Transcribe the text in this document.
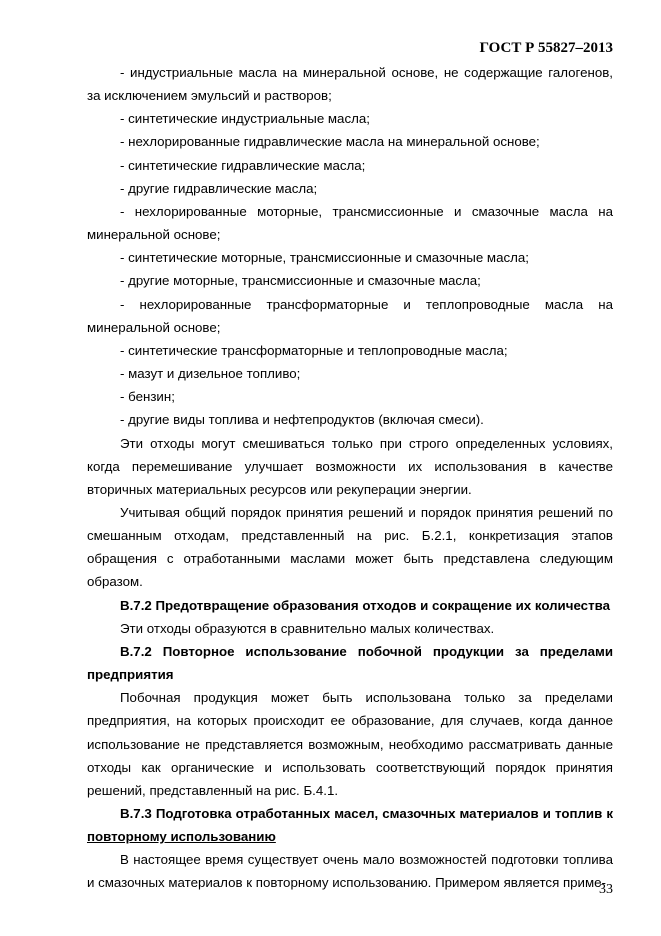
ГОСТ Р 55827–2013

- индустриальные масла на минеральной основе, не содержащие галогенов, за исключением эмульсий и растворов;

- синтетические индустриальные масла;

- нехлорированные гидравлические масла на минеральной основе;

- синтетические гидравлические масла;

- другие гидравлические масла;

- нехлорированные моторные, трансмиссионные и смазочные масла на минеральной основе;

- синтетические моторные, трансмиссионные и смазочные масла;

- другие моторные, трансмиссионные и смазочные масла;

- нехлорированные трансформаторные и теплопроводные масла на минеральной основе;

- синтетические трансформаторные и теплопроводные масла;

- мазут и дизельное топливо;

- бензин;

- другие виды топлива и нефтепродуктов (включая смеси).

Эти отходы могут смешиваться только при строго определенных условиях, когда перемешивание улучшает возможности их использования в качестве вторичных материальных ресурсов или рекуперации энергии.

Учитывая общий порядок принятия решений и порядок принятия решений по смешанным отходам, представленный на рис. Б.2.1, конкретизация этапов обращения с отработанными маслами может быть представлена следующим образом.

В.7.2 Предотвращение образования отходов и сокращение их количества

Эти отходы образуются в сравнительно малых количествах.

В.7.2 Повторное использование побочной продукции за пределами предприятия

Побочная продукция может быть использована только за пределами предприятия, на которых происходит ее образование, для случаев, когда данное использование не представляется возможным, необходимо рассматривать данные отходы как органические и использовать соответствующий порядок принятия решений, представленный на рис. Б.4.1.

В.7.3 Подготовка отработанных масел, смазочных материалов и топлив к повторному использованию

В настоящее время существует очень мало возможностей подготовки топлива и смазочных материалов к повторному использованию. Примером является приме-

33
